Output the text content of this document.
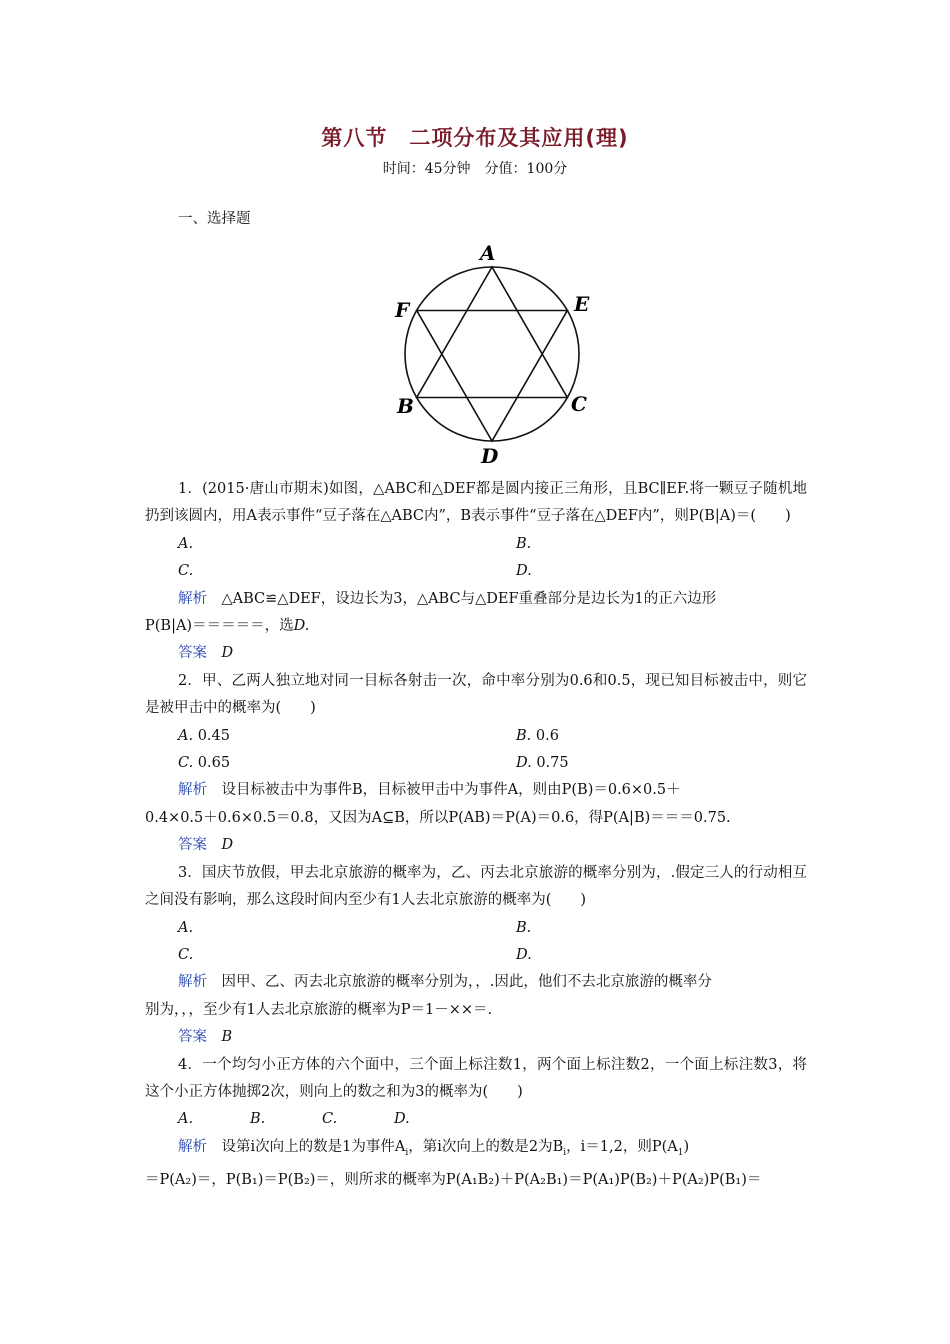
第八节　二项分布及其应用(理)
时间：45分钟　分值：100分
一、选择题
A
F	E
B	C
D

1．(2015·唐山市期末)如图，△ABC和△DEF都是圆内接正三角形，且BC∥EF.将一颗豆子随机地扔到该圆内，用A表示事件“豆子落在△ABC内”，B表示事件“豆子落在△DEF内”，则P(B|A)＝(　　)

A.	B.
C.	D.

解析　 △ABC≌△DEF，设边长为3，△ABC与△DEF重叠部分是边长为1的正六边形

P(B|A)＝＝＝＝＝，选D.

答案　 D

2．甲、乙两人独立地对同一目标各射击一次，命中率分别为0.6和0.5，现已知目标被击中，则它是被甲击中的概率为(　　)

A. 0.45	B. 0.6
C. 0.65	D. 0.75

解析　 设目标被击中为事件B，目标被甲击中为事件A，则由P(B)＝0.6×0.5＋

0.4×0.5＋0.6×0.5＝0.8，又因为A⊆B，所以P(AB)＝P(A)＝0.6，得P(A|B)＝＝＝0.75.

答案　 D

3．国庆节放假，甲去北京旅游的概率为，乙、丙去北京旅游的概率分别为，.假定三人的行动相互之间没有影响，那么这段时间内至少有1人去北京旅游的概率为(　　)

A.	B.
C.	D.

解析　 因甲、乙、丙去北京旅游的概率分别为，，.因此，他们不去北京旅游的概率分

别为，，，至少有1人去北京旅游的概率为P＝1－××＝.

答案　 B

4．一个均匀小正方体的六个面中，三个面上标注数1，两个面上标注数2，一个面上标注数3，将这个小正方体抛掷2次，则向上的数之和为3的概率为(　　)

A.	B.	C.	D.

解析　 设第i次向上的数是1为事件$A_i$，第i次向上的数是2为$B_i$，i＝1,2，则$P(A_1)$

＝P(A₂)＝，P(B₁)＝P(B₂)＝，则所求的概率为P(A₁B₂)＋P(A₂B₁)＝P(A₁)P(B₂)＋P(A₂)P(B₁)＝
